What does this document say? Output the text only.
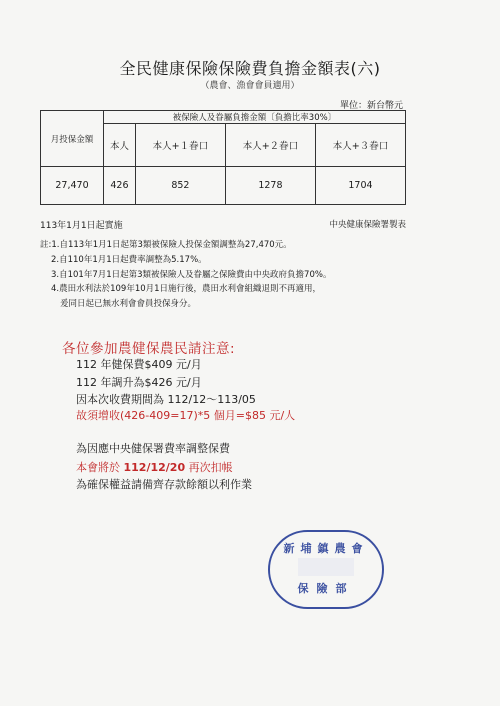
全民健康保險保險費負擔金額表(六)
（農會、漁會會員適用）
單位：新台幣元
月投保金額	被保險人及眷屬負擔金額〔負擔比率30%〕			
	本人	本人+１眷口	本人+２眷口	本人+３眷口
27,470	426	852	1278	1704
113年1月1日起實施	中央健康保險署製表
註:1.自113年1月1日起第3類被保險人投保金額調整為27,470元。
2.自110年1月1日起費率調整為5.17%。
3.自101年7月1日起第3類被保險人及眷屬之保險費由中央政府負擔70%。
4.農田水利法於109年10月1日施行後，農田水利會組織退則不再適用，
爰同日起已無水利會會員投保身分。
各位參加農健保農民請注意:
112 年健保費$409 元/月
112 年調升為$426 元/月
因本次收費期間為 112/12～113/05
故須增收(426-409=17)*5 個月=$85 元/人
為因應中央健保署費率調整保費
本會將於 112/12/20 再次扣帳
為確保權益請備齊存款餘額以利作業
新埔鎮農會
保險部
